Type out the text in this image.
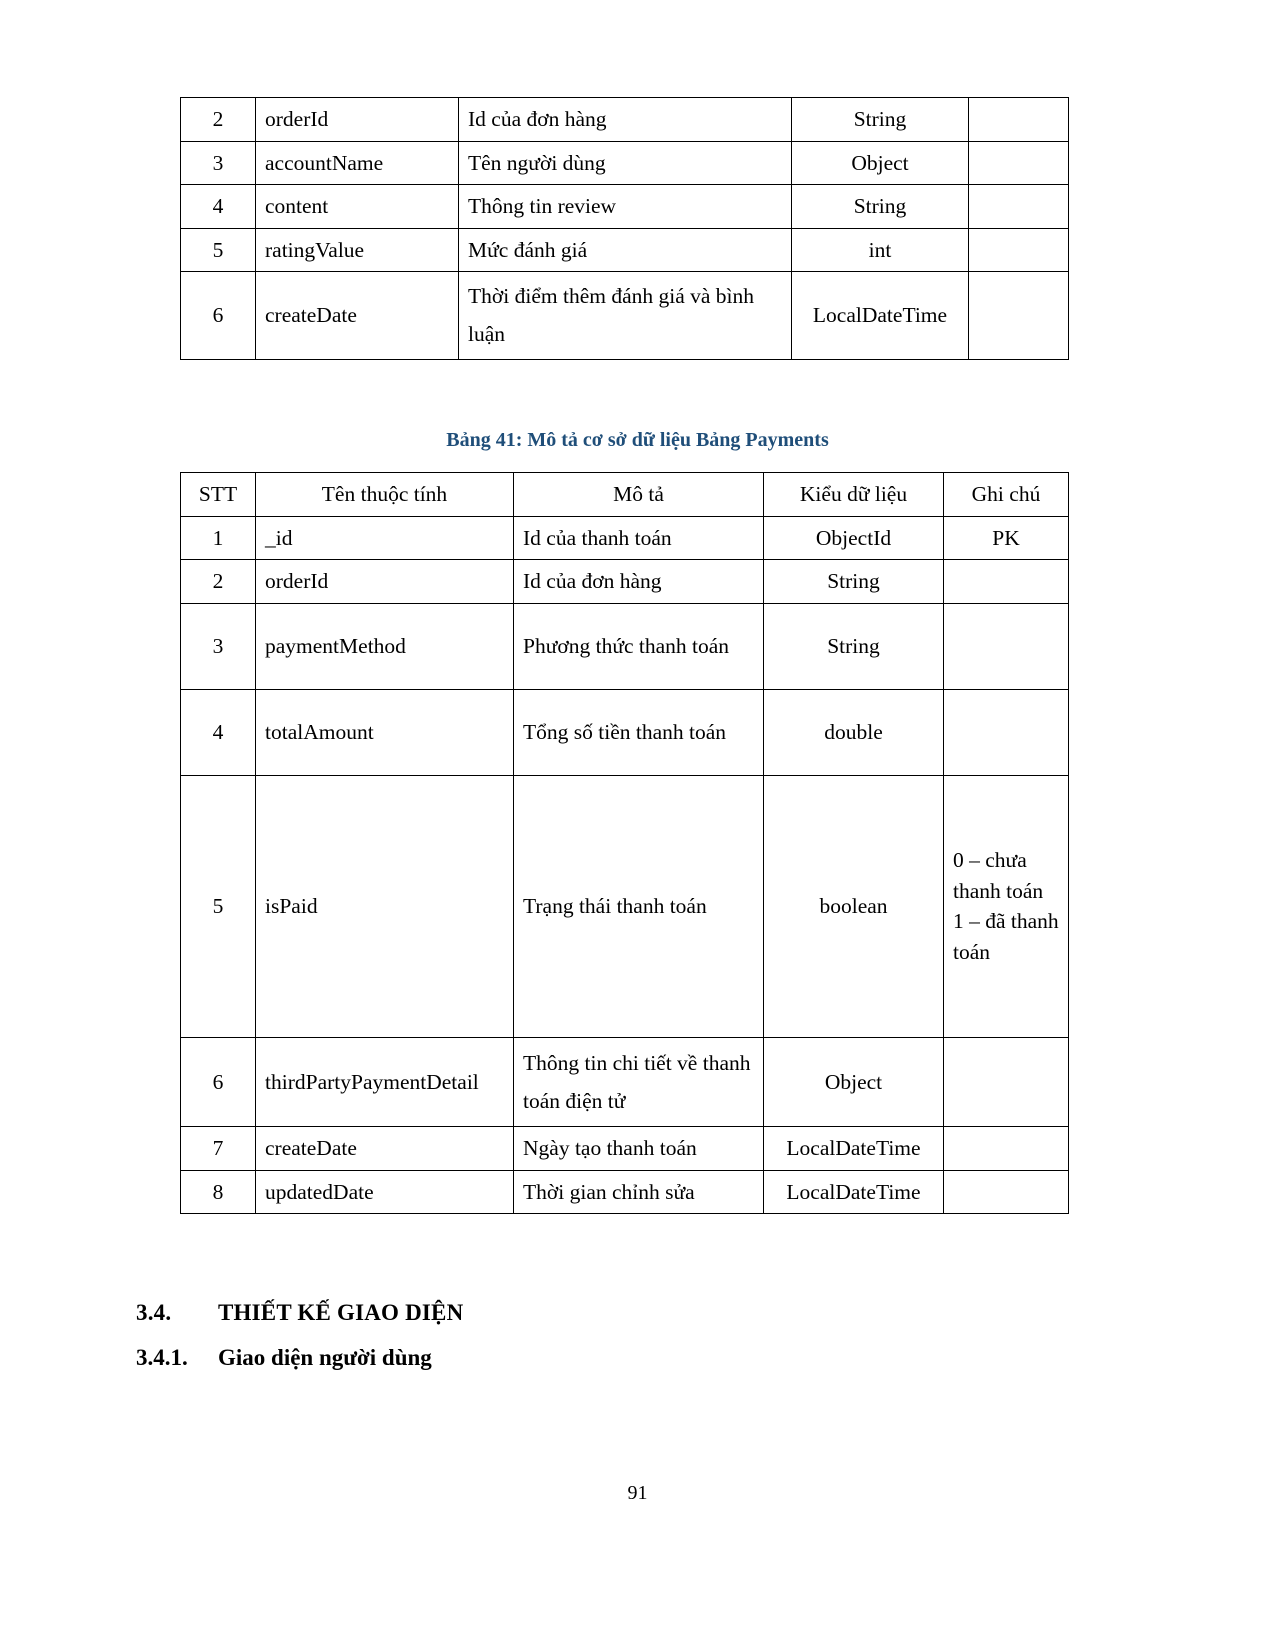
2	orderId	Id của đơn hàng	String	
3	accountName	Tên người dùng	Object	
4	content	Thông tin review	String	
5	ratingValue	Mức đánh giá	int	
6	createDate	Thời điểm thêm đánh giá và bình luận	LocalDateTime	
Bảng 41: Mô tả cơ sở dữ liệu Bảng Payments
STT	Tên thuộc tính	Mô tả	Kiểu dữ liệu	Ghi chú
1	_id	Id của thanh toán	ObjectId	PK
2	orderId	Id của đơn hàng	String	
3	paymentMethod	Phương thức thanh toán	String	
4	totalAmount	Tổng số tiền thanh toán	double	
5	isPaid	Trạng thái thanh toán	boolean	0 – chưa thanh toán 1 – đã thanh toán
6	thirdPartyPaymentDetail	Thông tin chi tiết về thanh toán điện tử	Object	
7	createDate	Ngày tạo thanh toán	LocalDateTime	
8	updatedDate	Thời gian chỉnh sửa	LocalDateTime	
3.4. THIẾT KẾ GIAO DIỆN
3.4.1. Giao diện người dùng
91
